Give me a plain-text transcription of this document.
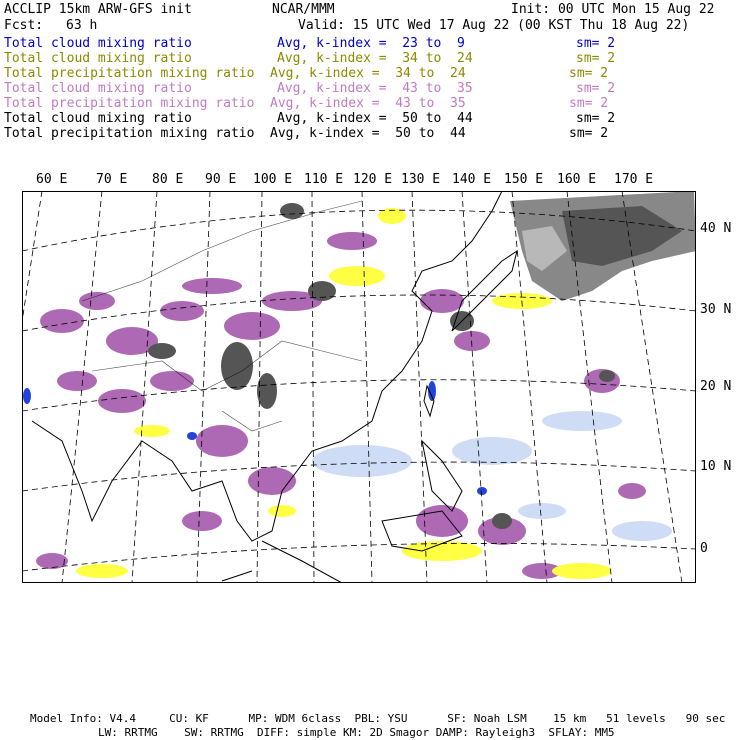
ACCLIP 15km ARW-GFS init	NCAR/MMM	Init: 00 UTC Mon 15 Aug 22
Fcst: 63 h	Valid: 15 UTC Wed 17 Aug 22 (00 KST Thu 18 Aug 22)
Total cloud mixing ratio	Avg, k-index =  23 to  9	sm= 2
Total cloud mixing ratio	Avg, k-index =  34 to  24	sm= 2
Total precipitation mixing ratio Avg, k-index =  34 to  24	sm= 2
Total cloud mixing ratio	Avg, k-index =  43 to  35	sm= 2
Total precipitation mixing ratio Avg, k-index =  43 to  35	sm= 2
Total cloud mixing ratio	Avg, k-index =  50 to  44	sm= 2
Total precipitation mixing ratio Avg, k-index =  50 to  44	sm= 2
60 E 70 E 80 E 90 E 100 E 110 E 120 E 130 E 140 E 150 E 160 E 170 E
40 N
30 N
20 N
10 N
0
Model Info: V4.4     CU: KF      MP: WDM 6class  PBL: YSU      SF: Noah LSM    15 km   51 levels   90 sec
LW: RRTMG    SW: RRTMG  DIFF: simple KM: 2D Smagor DAMP: Rayleigh3  SFLAY: MM5
